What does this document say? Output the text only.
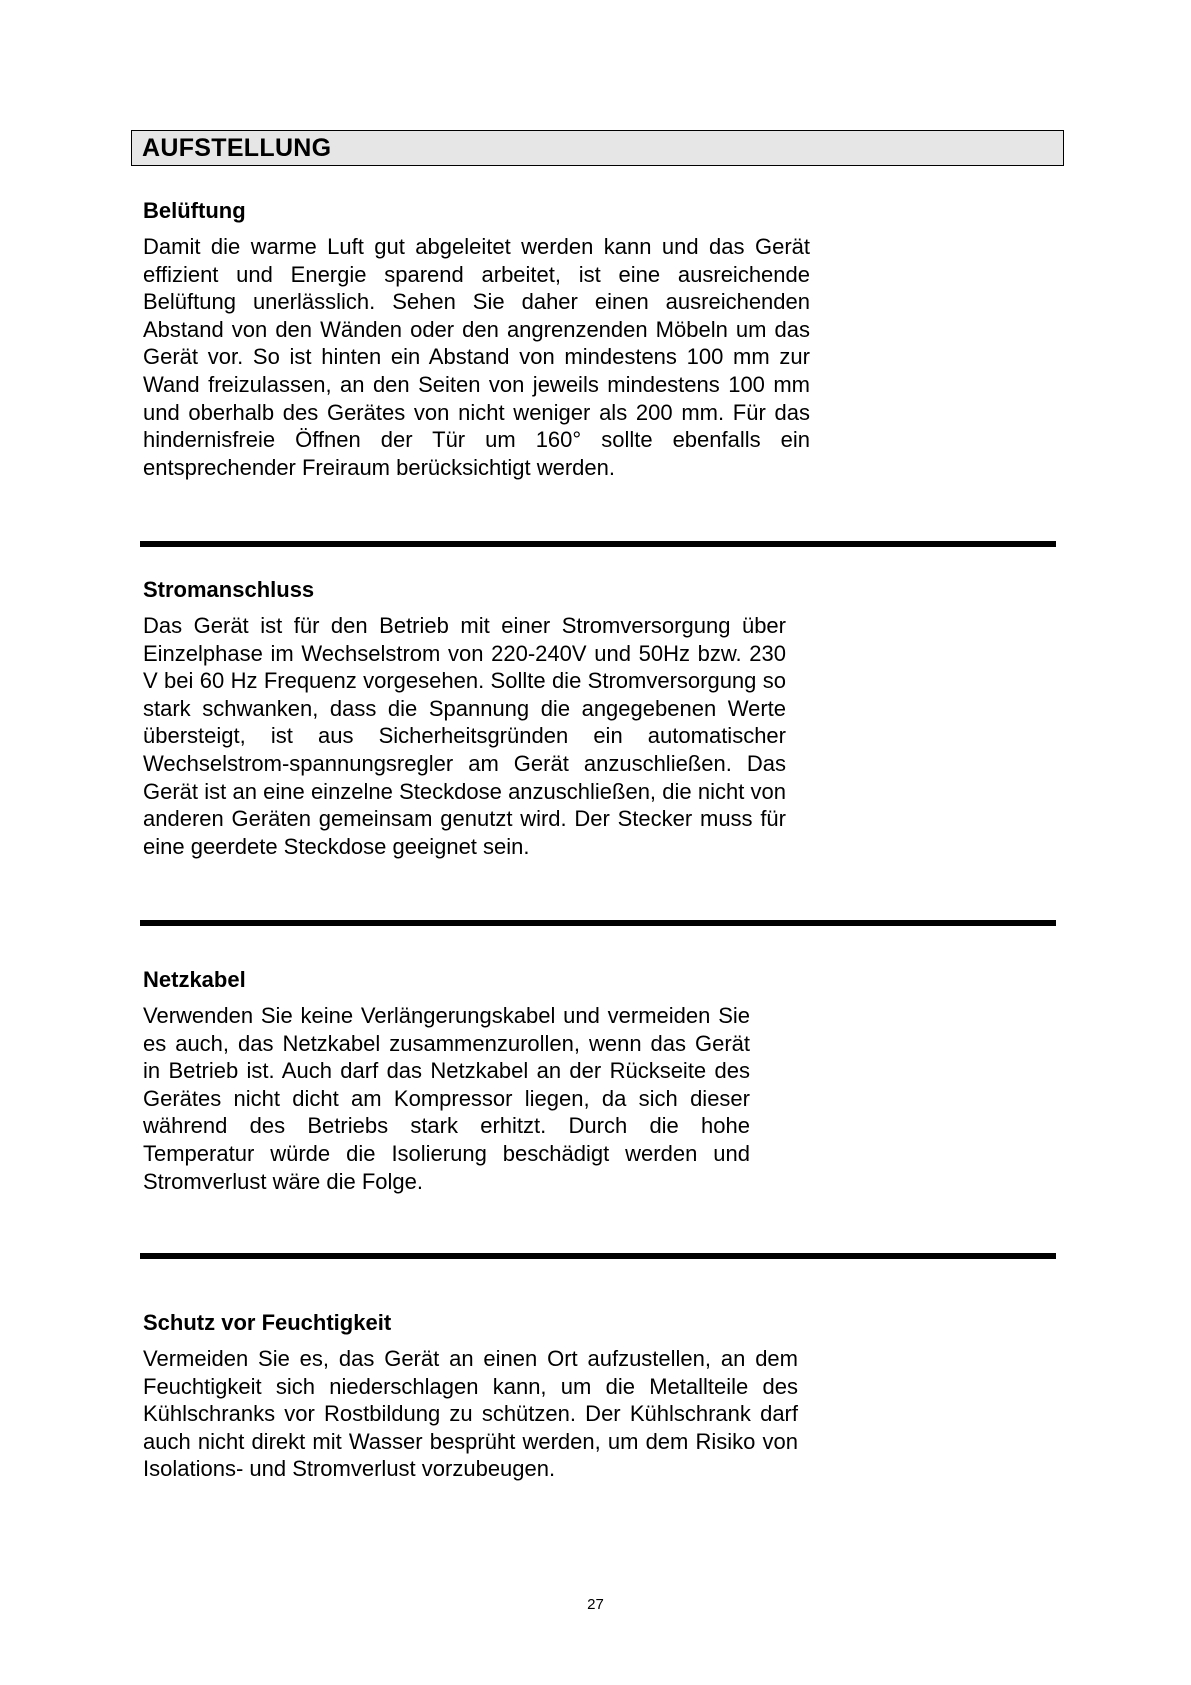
AUFSTELLUNG
Belüftung

Damit die warme Luft gut abgeleitet werden kann und das Gerät effizient und Energie sparend arbeitet, ist eine ausreichende Belüftung unerlässlich. Sehen Sie daher einen ausreichenden Abstand von den Wänden oder den angrenzenden Möbeln um das Gerät vor. So ist hinten ein Abstand von mindestens 100 mm zur Wand freizulassen, an den Seiten von jeweils mindestens 100 mm und oberhalb des Gerätes von nicht weniger als 200 mm. Für das hindernisfreie Öffnen der Tür um 160° sollte ebenfalls ein entsprechender Freiraum berücksichtigt werden.

Stromanschluss

Das Gerät ist für den Betrieb mit einer Stromversorgung über Einzelphase im Wechselstrom von 220-240V und 50Hz bzw. 230 V bei 60 Hz Frequenz vorgesehen. Sollte die Stromversorgung so stark schwanken, dass die Spannung die angegebenen Werte übersteigt, ist aus Sicherheitsgründen ein automatischer Wechselstrom-spannungsregler am Gerät anzuschließen. Das Gerät ist an eine einzelne Steckdose anzuschließen, die nicht von anderen Geräten gemeinsam genutzt wird. Der Stecker muss für eine geerdete Steckdose geeignet sein.

Netzkabel

Verwenden Sie keine Verlängerungskabel und vermeiden Sie es auch, das Netzkabel zusammenzurollen, wenn das Gerät in Betrieb ist. Auch darf das Netzkabel an der Rückseite des Gerätes nicht dicht am Kompressor liegen, da sich dieser während des Betriebs stark erhitzt. Durch die hohe Temperatur würde die Isolierung beschädigt werden und Stromverlust wäre die Folge.

Schutz vor Feuchtigkeit

Vermeiden Sie es, das Gerät an einen Ort aufzustellen, an dem Feuchtigkeit sich niederschlagen kann, um die Metallteile des Kühlschranks vor Rostbildung zu schützen. Der Kühlschrank darf auch nicht direkt mit Wasser besprüht werden, um dem Risiko von Isolations- und Stromverlust vorzubeugen.

27
